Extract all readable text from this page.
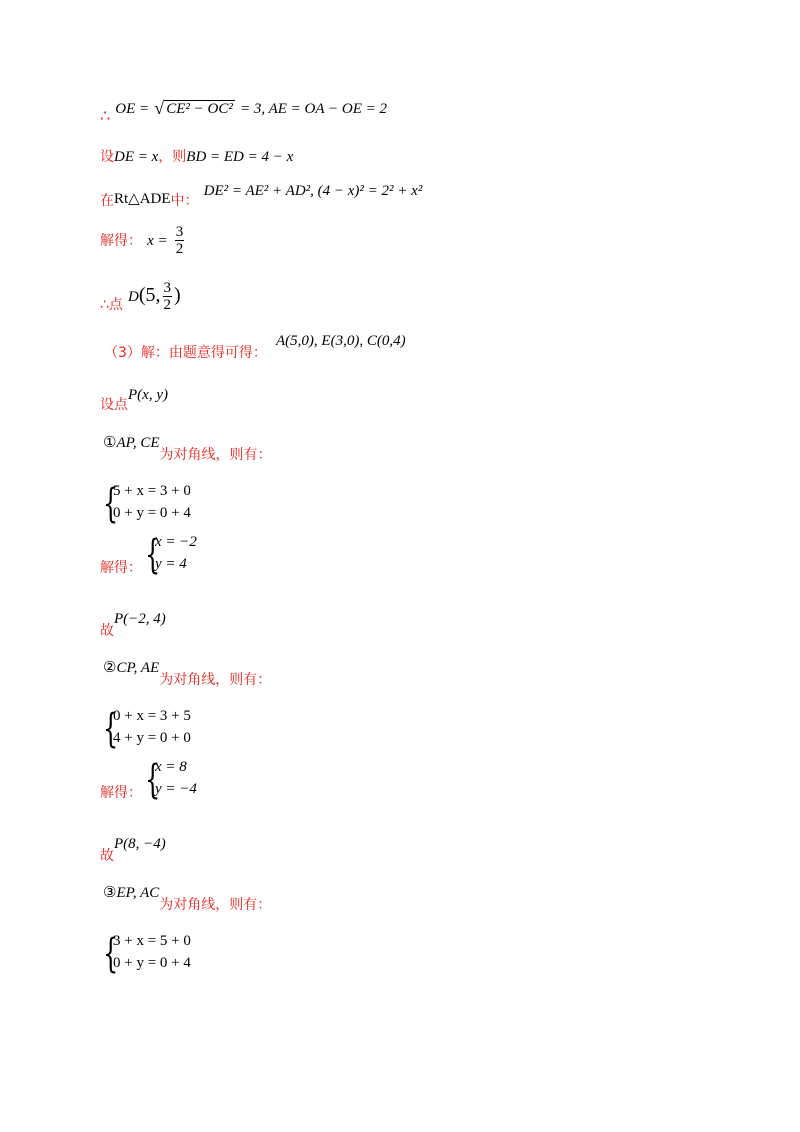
∴ OE = √ CE² − OC² = 3, AE = OA − OE = 2
设DE = x，则BD = ED = 4 − x
在Rt△ADE中： DE² = AE² + AD², (4 − x)² = 2² + x²
解得： $x = \frac{3}{2}$
∴点 D(5, $\frac{3}{2}$ )
（3）解：由题意得可得： A(5,0), E(3,0), C(0,4)
设点P(x, y)
①AP, CE为对角线，则有：
{
5 + x = 3 + 0
0 + y = 0 + 4
解得： {
x = −2
y = 4
故P(−2, 4)
②CP, AE为对角线，则有：
{
0 + x = 3 + 5
4 + y = 0 + 0
解得： {
x = 8
y = −4
故P(8, −4)
③EP, AC为对角线，则有：
{
3 + x = 5 + 0
0 + y = 0 + 4
